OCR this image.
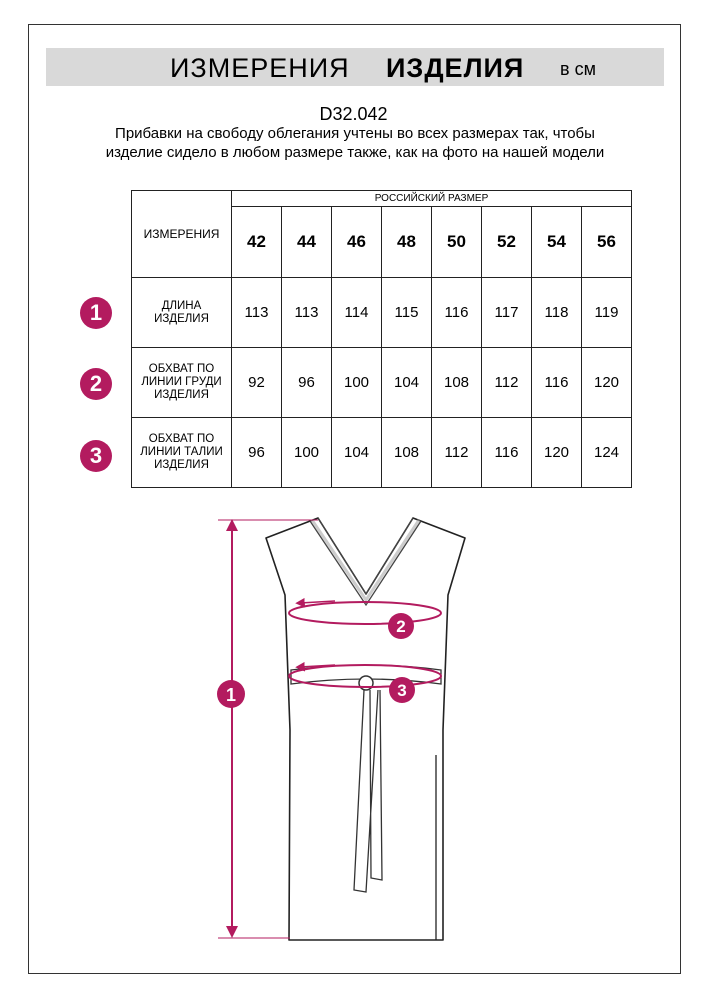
ИЗМЕРЕНИЯ ИЗДЕЛИЯ в см
D32.042
Прибавки на свободу облегания учтены во всех размерах так, чтобы изделие сидело в любом размере также, как на фото на нашей модели
ИЗМЕРЕНИЯ	РОССИЙСКИЙ РАЗМЕР							
	42	44	46	48	50	52	54	56

ДЛИНА
ИЗДЕЛИЯ	113	113	114	115	116	117	118	119

ОБХВАТ ПО
ЛИНИИ ГРУДИ
ИЗДЕЛИЯ	92	96	100	104	108	112	116	120

ОБХВАТ ПО
ЛИНИИ ТАЛИИ
ИЗДЕЛИЯ	96	100	104	108	112	116	120	124
1
2
3
1
2
3
